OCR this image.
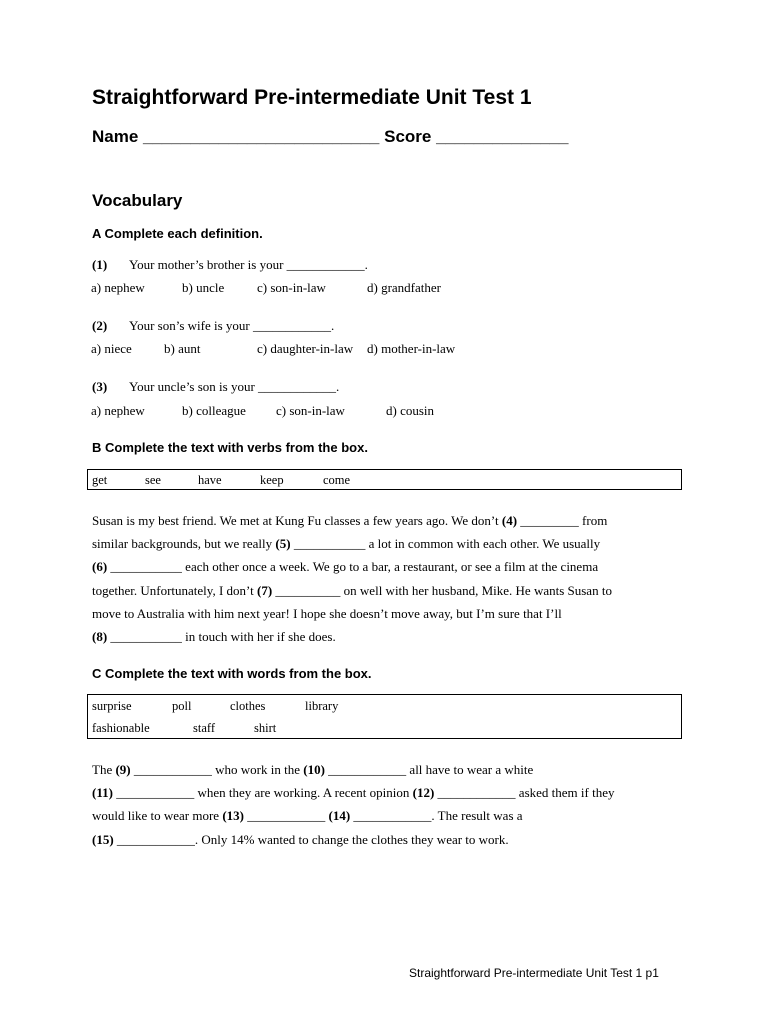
Straightforward Pre-intermediate Unit Test 1
Name _________________________ Score ______________
Vocabulary
A Complete each definition.
(1) Your mother’s brother is your ____________.
a) nephew	b) uncle	c) son-in-law	d) grandfather
(2) Your son’s wife is your ____________.
a) niece b) aunt	c) daughter-in-law d) mother-in-law
(3) Your uncle’s son is your ____________.
a) nephew	b) colleague c) son-in-law	d) cousin
B Complete the text with verbs from the box.
get	see	have	keep	come
Susan is my best friend. We met at Kung Fu classes a few years ago. We don’t (4) _________ from
similar backgrounds, but we really (5) ___________ a lot in common with each other. We usually
(6) ___________ each other once a week. We go to a bar, a restaurant, or see a film at the cinema
together. Unfortunately, I don’t (7) __________ on well with her husband, Mike. He wants Susan to
move to Australia with him next year! I hope she doesn’t move away, but I’m sure that I’ll
(8) ___________ in touch with her if she does.
C Complete the text with words from the box.
surprise	poll	clothes	library
fashionable	staff	shirt
The (9) ____________ who work in the (10) ____________ all have to wear a white
(11) ____________ when they are working. A recent opinion (12) ____________ asked them if they
would like to wear more (13) ____________ (14) ____________. The result was a
(15) ____________. Only 14% wanted to change the clothes they wear to work.
Straightforward Pre-intermediate Unit Test 1 p1
